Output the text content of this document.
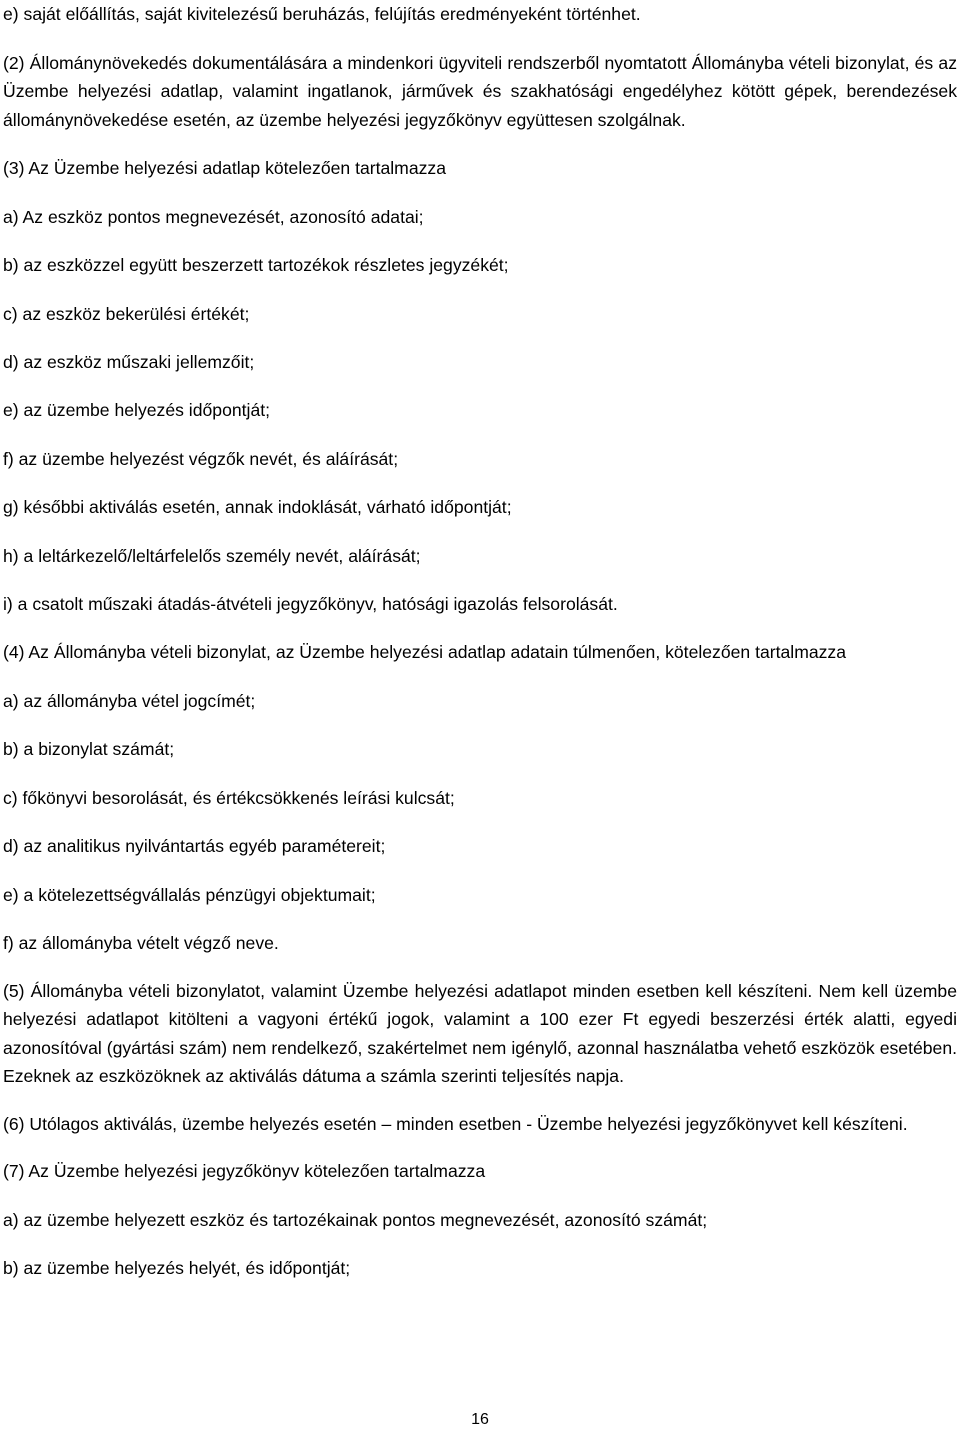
e) saját előállítás, saját kivitelezésű beruházás, felújítás eredményeként történhet.

(2) Állománynövekedés dokumentálására a mindenkori ügyviteli rendszerből nyomtatott Állományba vételi bizonylat, és az Üzembe helyezési adatlap, valamint ingatlanok, járművek és szakhatósági engedélyhez kötött gépek, berendezések állománynövekedése esetén, az üzembe helyezési jegyzőkönyv együttesen szolgálnak.

(3) Az Üzembe helyezési adatlap kötelezően tartalmazza

a) Az eszköz pontos megnevezését, azonosító adatai;

b) az eszközzel együtt beszerzett tartozékok részletes jegyzékét;

c) az eszköz bekerülési értékét;

d) az eszköz műszaki jellemzőit;

e) az üzembe helyezés időpontját;

f) az üzembe helyezést végzők nevét, és aláírását;

g) későbbi aktiválás esetén, annak indoklását, várható időpontját;

h) a leltárkezelő/leltárfelelős személy nevét, aláírását;

i) a csatolt műszaki átadás-átvételi jegyzőkönyv, hatósági igazolás felsorolását.

(4) Az Állományba vételi bizonylat, az Üzembe helyezési adatlap adatain túlmenően, kötelezően tartalmazza

a) az állományba vétel jogcímét;

b) a bizonylat számát;

c) főkönyvi besorolását, és értékcsökkenés leírási kulcsát;

d) az analitikus nyilvántartás egyéb paramétereit;

e) a kötelezettségvállalás pénzügyi objektumait;

f) az állományba vételt végző neve.

(5) Állományba vételi bizonylatot, valamint Üzembe helyezési adatlapot minden esetben kell készíteni. Nem kell üzembe helyezési adatlapot kitölteni a vagyoni értékű jogok, valamint a 100 ezer Ft egyedi beszerzési érték alatti, egyedi azonosítóval (gyártási szám) nem rendelkező, szakértelmet nem igénylő, azonnal használatba vehető eszközök esetében. Ezeknek az eszközöknek az aktiválás dátuma a számla szerinti teljesítés napja.

(6) Utólagos aktiválás, üzembe helyezés esetén – minden esetben - Üzembe helyezési jegyzőkönyvet kell készíteni.

(7) Az Üzembe helyezési jegyzőkönyv kötelezően tartalmazza

a) az üzembe helyezett eszköz és tartozékainak pontos megnevezését, azonosító számát;

b) az üzembe helyezés helyét, és időpontját;

16
